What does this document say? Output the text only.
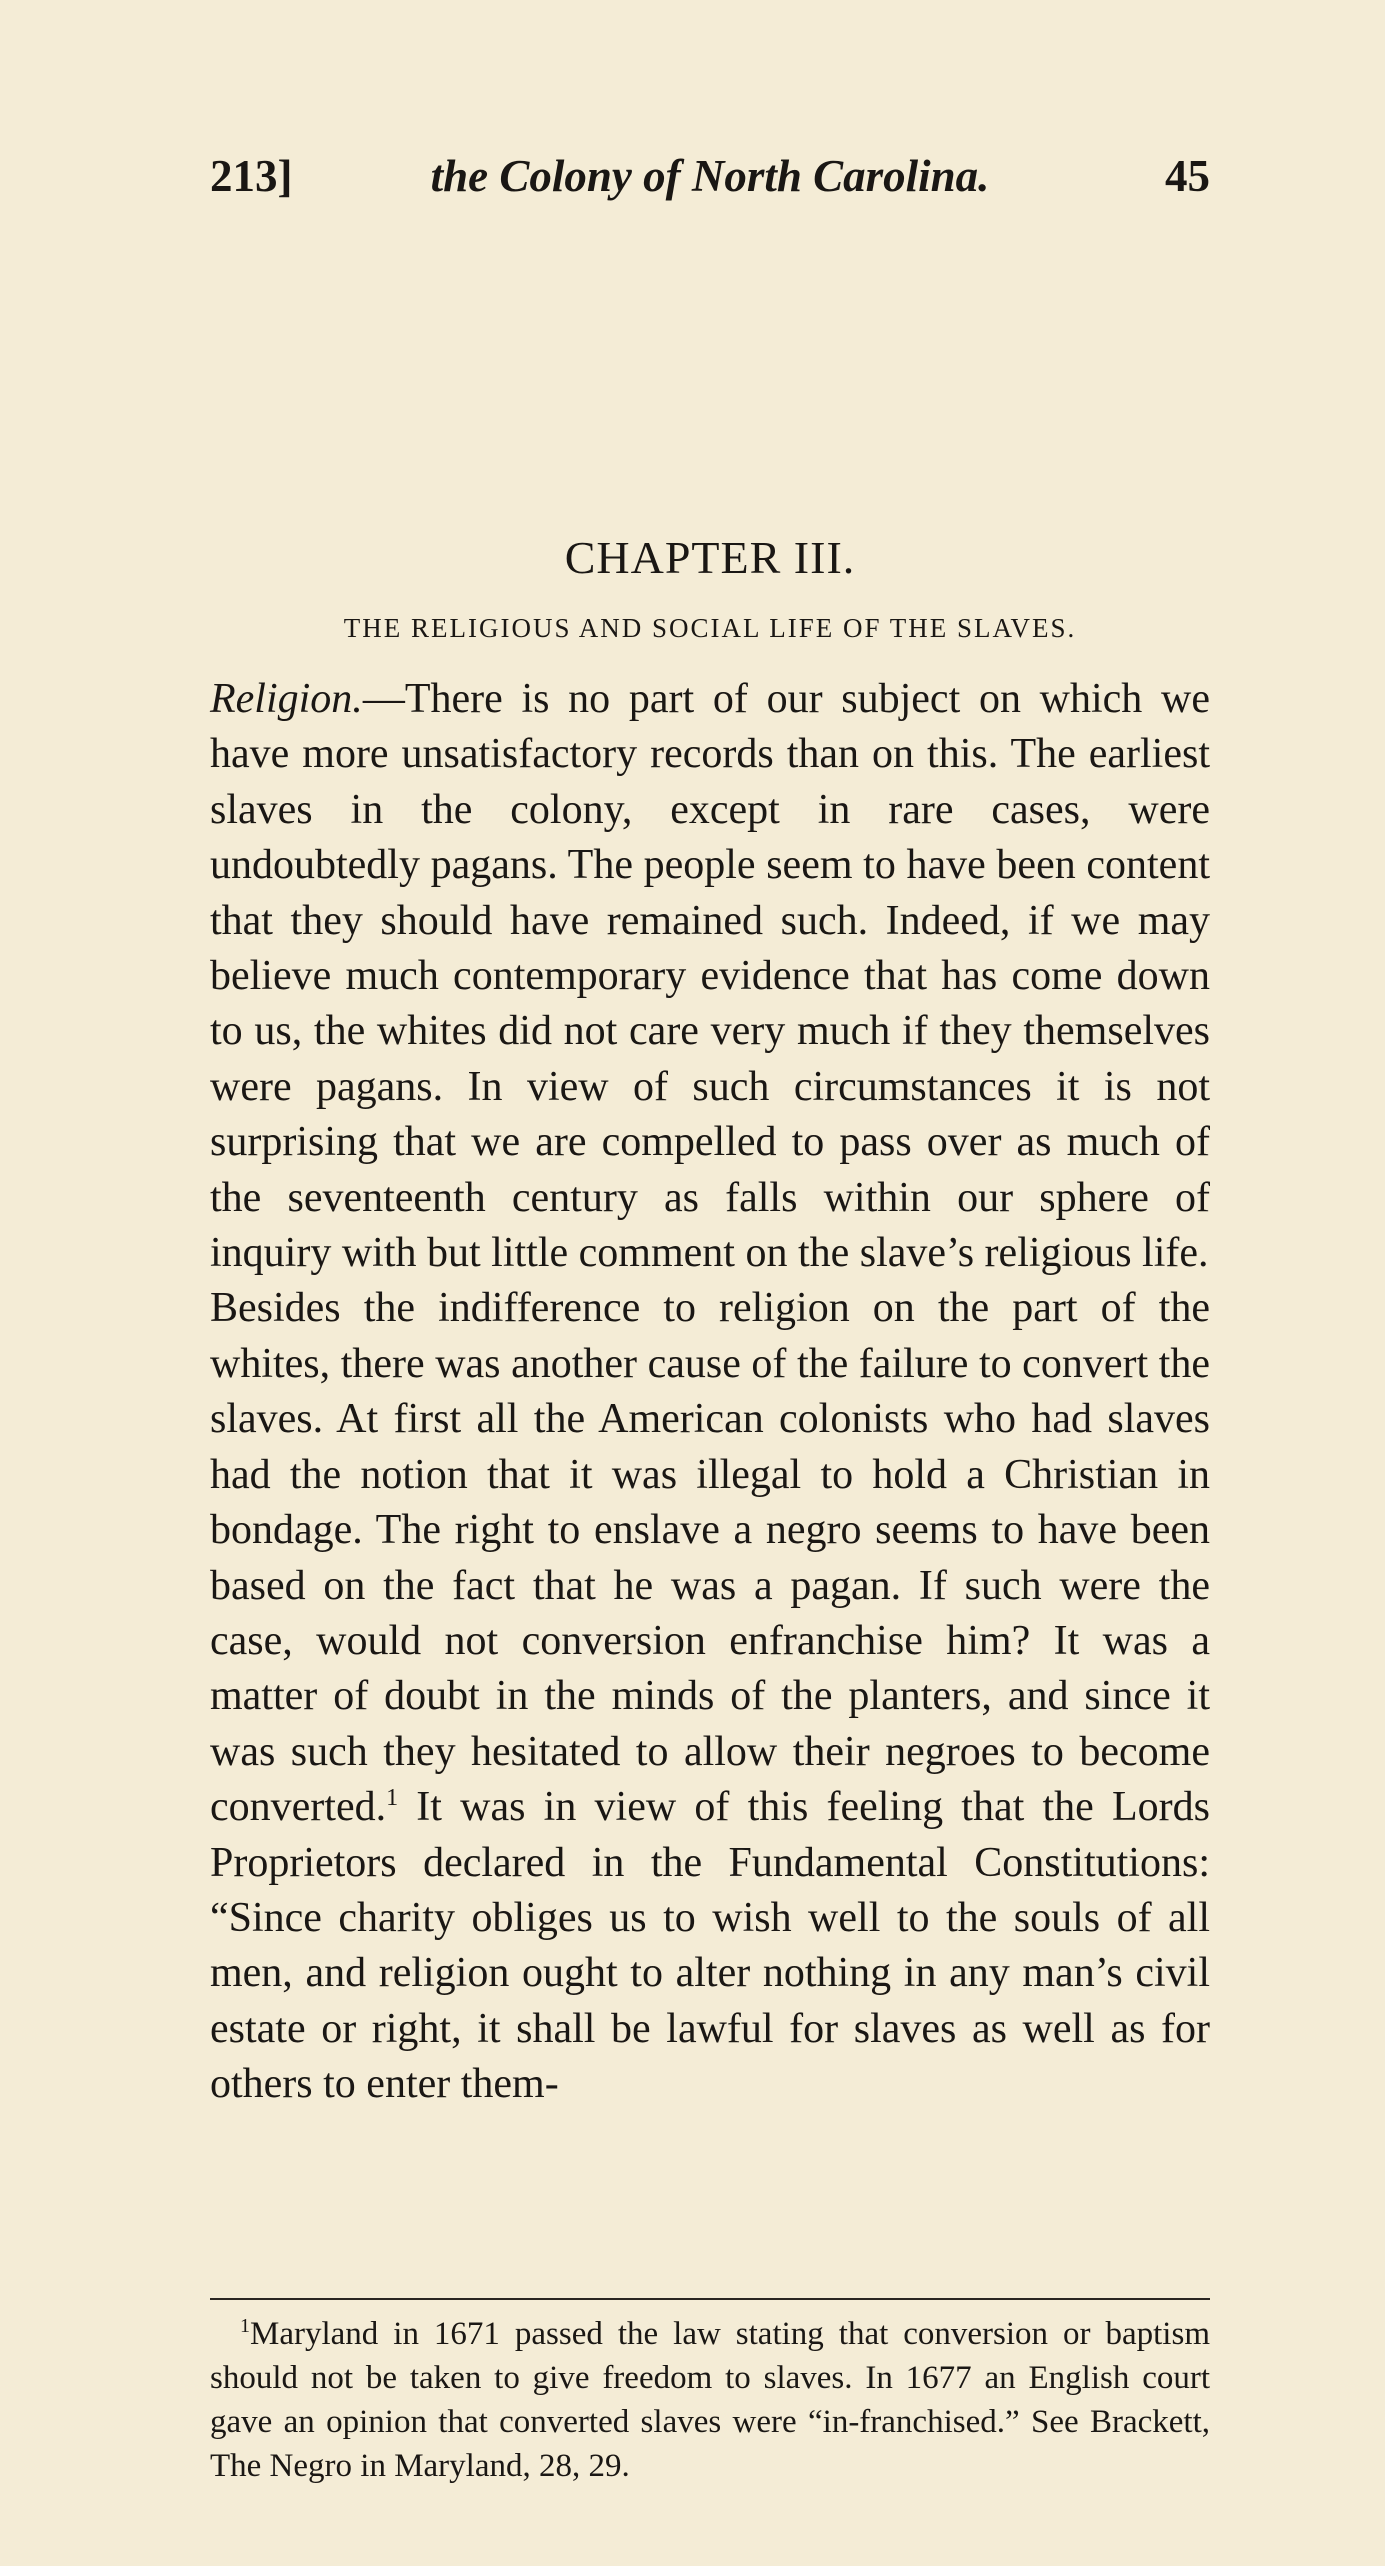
213]	the Colony of North Carolina.	45
CHAPTER III.
THE RELIGIOUS AND SOCIAL LIFE OF THE SLAVES.

Religion.—There is no part of our subject on which we have more unsatisfactory records than on this. The earliest slaves in the colony, except in rare cases, were undoubtedly pagans. The people seem to have been content that they should have remained such. Indeed, if we may believe much contemporary evidence that has come down to us, the whites did not care very much if they themselves were pagans. In view of such circumstances it is not surprising that we are compelled to pass over as much of the seventeenth century as falls within our sphere of inquiry with but little comment on the slave’s religious life.

Besides the indifference to religion on the part of the whites, there was another cause of the failure to convert the slaves. At first all the American colonists who had slaves had the notion that it was illegal to hold a Christian in bondage. The right to enslave a negro seems to have been based on the fact that he was a pagan. If such were the case, would not conversion enfranchise him? It was a matter of doubt in the minds of the planters, and since it was such they hesitated to allow their negroes to become converted.$^1$ It was in view of this feeling that the Lords Proprietors declared in the Fundamental Constitutions: “Since charity obliges us to wish well to the souls of all men, and religion ought to alter nothing in any man’s civil estate or right, it shall be lawful for slaves as well as for others to enter them-

$^1$Maryland in 1671 passed the law stating that conversion or baptism should not be taken to give freedom to slaves. In 1677 an English court gave an opinion that converted slaves were “in-franchised.” See Brackett, The Negro in Maryland, 28, 29.
